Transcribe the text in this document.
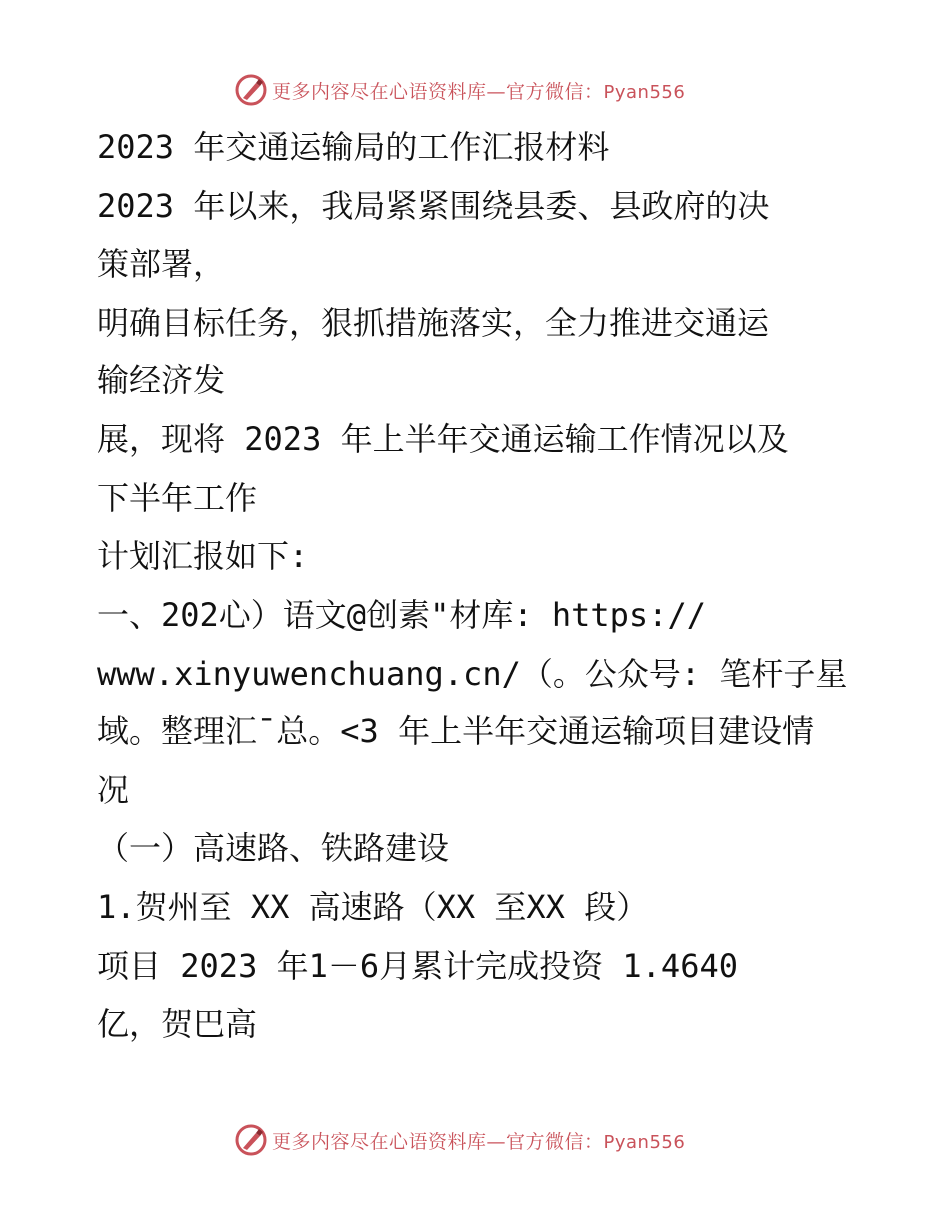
更多内容尽在心语资料库—官方微信：Pyan556
2023 年交通运输局的工作汇报材料
2023 年以来，我局紧紧围绕县委、县政府的决
策部署，
明确目标任务，狠抓措施落实，全力推进交通运
输经济发
展，现将 2023 年上半年交通运输工作情况以及
下半年工作
计划汇报如下:
一、202心）语文@创素"材库: https://
www.xinyuwenchuang.cn/（。公众号: 笔杆子星
域。整理汇¯总。<3 年上半年交通运输项目建设情
况
（一）高速路、铁路建设
1.贺州至 XX 高速路（XX 至XX 段）
项目 2023 年1－6月累计完成投资 1.4640
亿，贺巴高
更多内容尽在心语资料库—官方微信：Pyan556
